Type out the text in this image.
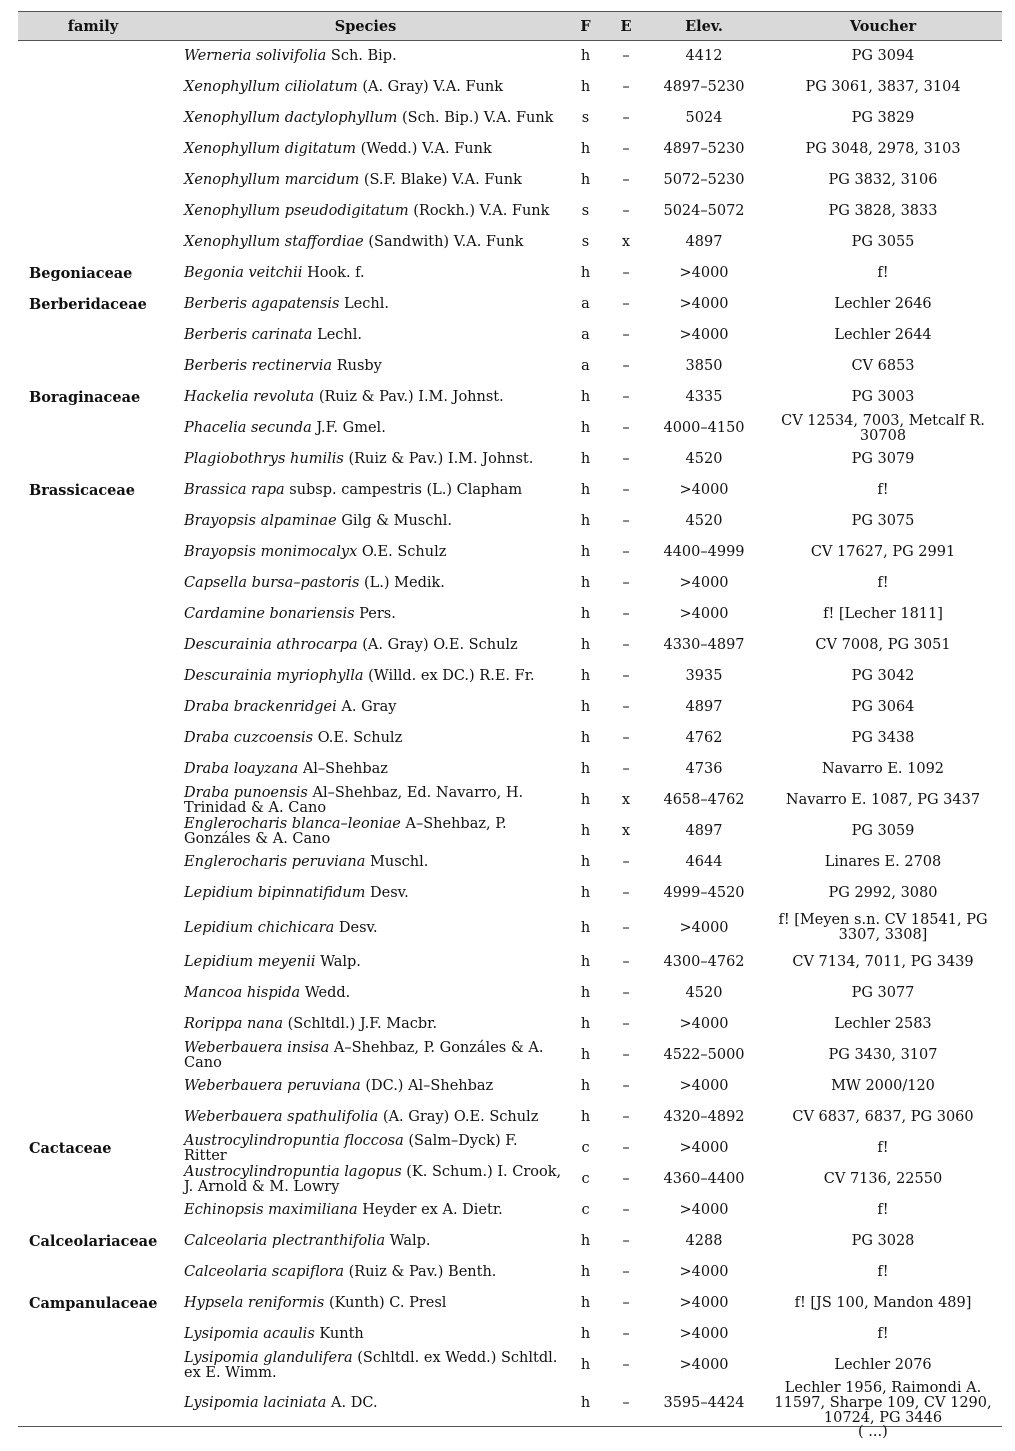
family	Species	F	E	Elev.	Voucher
	Werneria solivifolia Sch. Bip.	h	–	4412	PG 3094
	Xenophyllum ciliolatum (A. Gray) V.A. Funk	h	–	4897–5230	PG 3061, 3837, 3104
	Xenophyllum dactylophyllum (Sch. Bip.) V.A. Funk	s	–	5024	PG 3829
	Xenophyllum digitatum (Wedd.) V.A. Funk	h	–	4897–5230	PG 3048, 2978, 3103
	Xenophyllum marcidum (S.F. Blake) V.A. Funk	h	–	5072–5230	PG 3832, 3106
	Xenophyllum pseudodigitatum (Rockh.) V.A. Funk	s	–	5024–5072	PG 3828, 3833
	Xenophyllum staffordiae (Sandwith) V.A. Funk	s	x	4897	PG 3055
Begoniaceae	Begonia veitchii Hook. f.	h	–	>4000	f!
Berberidaceae	Berberis agapatensis Lechl.	a	–	>4000	Lechler 2646
	Berberis carinata Lechl.	a	–	>4000	Lechler 2644
	Berberis rectinervia Rusby	a	–	3850	CV 6853
Boraginaceae	Hackelia revoluta (Ruiz & Pav.) I.M. Johnst.	h	–	4335	PG 3003
	Phacelia secunda J.F. Gmel.	h	–	4000–4150	CV 12534, 7003, Metcalf R. 30708
	Plagiobothrys humilis (Ruiz & Pav.) I.M. Johnst.	h	–	4520	PG 3079
Brassicaceae	Brassica rapa subsp. campestris (L.) Clapham	h	–	>4000	f!
	Brayopsis alpaminae Gilg & Muschl.	h	–	4520	PG 3075
	Brayopsis monimocalyx O.E. Schulz	h	–	4400–4999	CV 17627, PG 2991
	Capsella bursa–pastoris (L.) Medik.	h	–	>4000	f!
	Cardamine bonariensis Pers.	h	–	>4000	f! [Lecher 1811]
	Descurainia athrocarpa (A. Gray) O.E. Schulz	h	–	4330–4897	CV 7008, PG 3051
	Descurainia myriophylla (Willd. ex DC.) R.E. Fr.	h	–	3935	PG 3042
	Draba brackenridgei A. Gray	h	–	4897	PG 3064
	Draba cuzcoensis O.E. Schulz	h	–	4762	PG 3438
	Draba loayzana Al–Shehbaz	h	–	4736	Navarro E. 1092
	Draba punoensis Al–Shehbaz, Ed. Navarro, H. Trinidad & A. Cano	h	x	4658–4762	Navarro E. 1087, PG 3437
	Englerocharis blanca–leoniae A–Shehbaz, P. Gonzáles & A. Cano	h	x	4897	PG 3059
	Englerocharis peruviana Muschl.	h	–	4644	Linares E. 2708
	Lepidium bipinnatifidum Desv.	h	–	4999–4520	PG 2992, 3080
	Lepidium chichicara Desv.	h	–	>4000	f! [Meyen s.n. CV 18541, PG 3307, 3308]
	Lepidium meyenii Walp.	h	–	4300–4762	CV 7134, 7011, PG 3439
	Mancoa hispida Wedd.	h	–	4520	PG 3077
	Rorippa nana (Schltdl.) J.F. Macbr.	h	–	>4000	Lechler 2583
	Weberbauera insisa A–Shehbaz, P. Gonzáles & A. Cano	h	–	4522–5000	PG 3430, 3107
	Weberbauera peruviana (DC.) Al–Shehbaz	h	–	>4000	MW 2000/120
	Weberbauera spathulifolia (A. Gray) O.E. Schulz	h	–	4320–4892	CV 6837, 6837, PG 3060
Cactaceae	Austrocylindropuntia floccosa (Salm–Dyck) F. Ritter	c	–	>4000	f!
	Austrocylindropuntia lagopus (K. Schum.) I. Crook, J. Arnold & M. Lowry	c	–	4360–4400	CV 7136, 22550
	Echinopsis maximiliana Heyder ex A. Dietr.	c	–	>4000	f!
Calceolariaceae	Calceolaria plectranthifolia Walp.	h	–	4288	PG 3028
	Calceolaria scapiflora (Ruiz & Pav.) Benth.	h	–	>4000	f!
Campanulaceae	Hypsela reniformis (Kunth) C. Presl	h	–	>4000	f! [JS 100, Mandon 489]
	Lysipomia acaulis Kunth	h	–	>4000	f!
	Lysipomia glandulifera (Schltdl. ex Wedd.) Schltdl. ex E. Wimm.	h	–	>4000	Lechler 2076
	Lysipomia laciniata A. DC.	h	–	3595–4424	Lechler 1956, Raimondi A. 11597, Sharpe 109, CV 1290, 10724, PG 3446
( ...)
